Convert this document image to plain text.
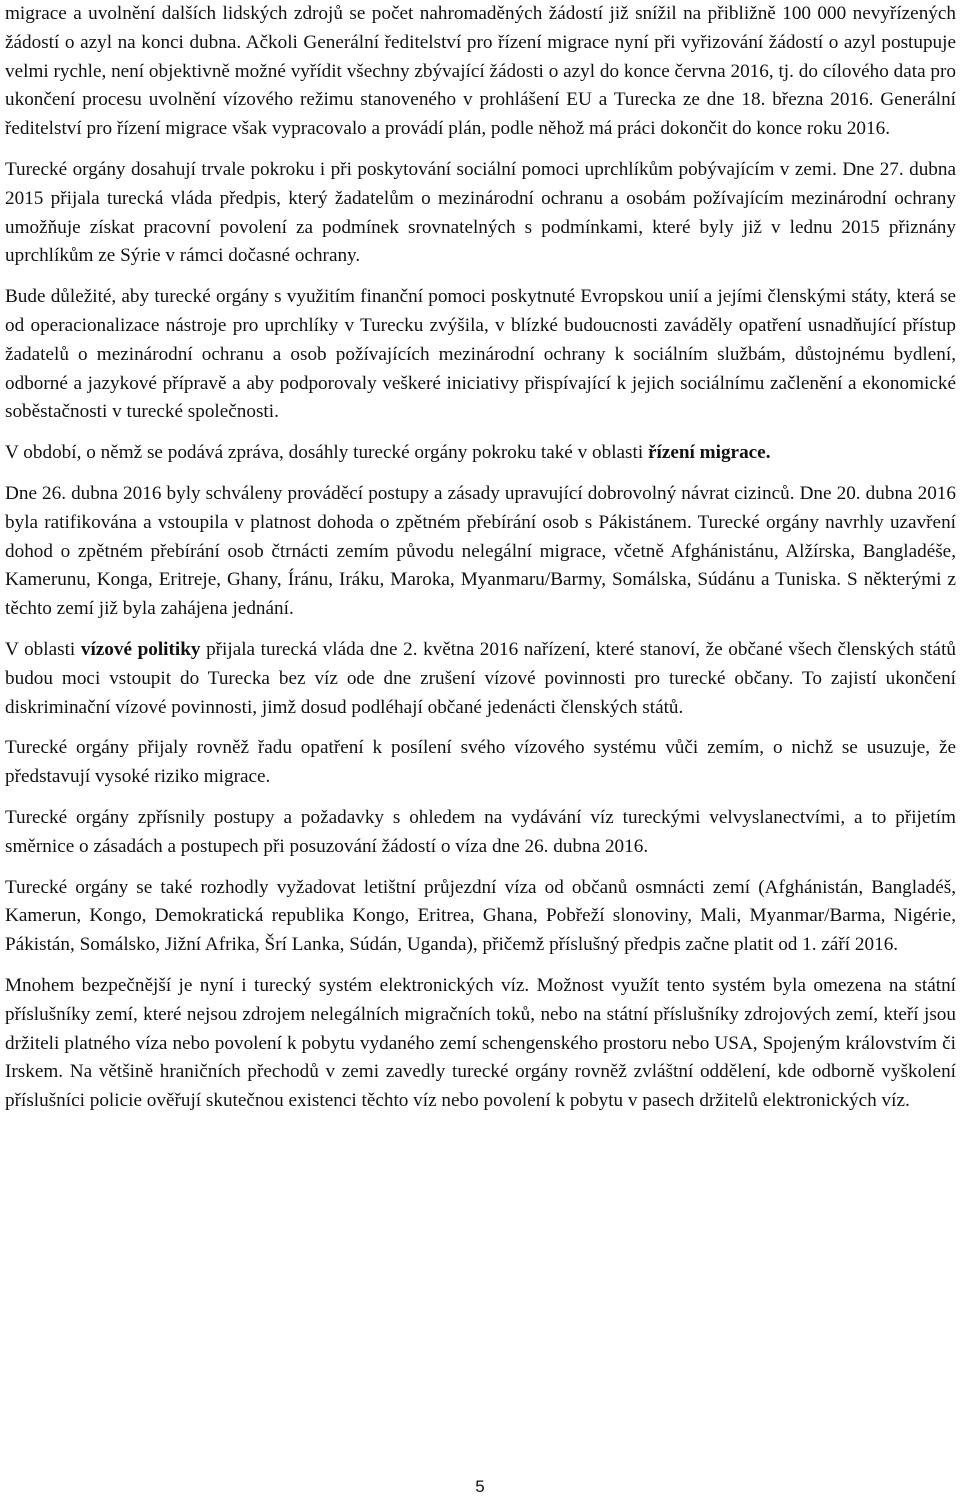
migrace a uvolnění dalších lidských zdrojů se počet nahromaděných žádostí již snížil na přibližně 100 000 nevyřízených žádostí o azyl na konci dubna. Ačkoli Generální ředitelství pro řízení migrace nyní při vyřizování žádostí o azyl postupuje velmi rychle, není objektivně možné vyřídit všechny zbývající žádosti o azyl do konce června 2016, tj. do cílového data pro ukončení procesu uvolnění vízového režimu stanoveného v prohlášení EU a Turecka ze dne 18. března 2016. Generální ředitelství pro řízení migrace však vypracovalo a provádí plán, podle něhož má práci dokončit do konce roku 2016.

Turecké orgány dosahují trvale pokroku i při poskytování sociální pomoci uprchlíkům pobývajícím v zemi. Dne 27. dubna 2015 přijala turecká vláda předpis, který žadatelům o mezinárodní ochranu a osobám požívajícím mezinárodní ochrany umožňuje získat pracovní povolení za podmínek srovnatelných s podmínkami, které byly již v lednu 2015 přiznány uprchlíkům ze Sýrie v rámci dočasné ochrany.

Bude důležité, aby turecké orgány s využitím finanční pomoci poskytnuté Evropskou unií a jejími členskými státy, která se od operacionalizace nástroje pro uprchlíky v Turecku zvýšila, v blízké budoucnosti zaváděly opatření usnadňující přístup žadatelů o mezinárodní ochranu a osob požívajících mezinárodní ochrany k sociálním službám, důstojnému bydlení, odborné a jazykové přípravě a aby podporovaly veškeré iniciativy přispívající k jejich sociálnímu začlenění a ekonomické soběstačnosti v turecké společnosti.

V období, o němž se podává zpráva, dosáhly turecké orgány pokroku také v oblasti řízení migrace.

Dne 26. dubna 2016 byly schváleny prováděcí postupy a zásady upravující dobrovolný návrat cizinců. Dne 20. dubna 2016 byla ratifikována a vstoupila v platnost dohoda o zpětném přebírání osob s Pákistánem. Turecké orgány navrhly uzavření dohod o zpětném přebírání osob čtrnácti zemím původu nelegální migrace, včetně Afghánistánu, Alžírska, Bangladéše, Kamerunu, Konga, Eritreje, Ghany, Íránu, Iráku, Maroka, Myanmaru/Barmy, Somálska, Súdánu a Tuniska. S některými z těchto zemí již byla zahájena jednání.

V oblasti vízové politiky přijala turecká vláda dne 2. května 2016 nařízení, které stanoví, že občané všech členských států budou moci vstoupit do Turecka bez víz ode dne zrušení vízové povinnosti pro turecké občany. To zajistí ukončení diskriminační vízové povinnosti, jimž dosud podléhají občané jedenácti členských států.

Turecké orgány přijaly rovněž řadu opatření k posílení svého vízového systému vůči zemím, o nichž se usuzuje, že představují vysoké riziko migrace.

Turecké orgány zpřísnily postupy a požadavky s ohledem na vydávání víz tureckými velvyslanectvími, a to přijetím směrnice o zásadách a postupech při posuzování žádostí o víza dne 26. dubna 2016.

Turecké orgány se také rozhodly vyžadovat letištní průjezdní víza od občanů osmnácti zemí (Afghánistán, Bangladéš, Kamerun, Kongo, Demokratická republika Kongo, Eritrea, Ghana, Pobřeží slonoviny, Mali, Myanmar/Barma, Nigérie, Pákistán, Somálsko, Jižní Afrika, Šrí Lanka, Súdán, Uganda), přičemž příslušný předpis začne platit od 1. září 2016.

Mnohem bezpečnější je nyní i turecký systém elektronických víz. Možnost využít tento systém byla omezena na státní příslušníky zemí, které nejsou zdrojem nelegálních migračních toků, nebo na státní příslušníky zdrojových zemí, kteří jsou držiteli platného víza nebo povolení k pobytu vydaného zemí schengenského prostoru nebo USA, Spojeným královstvím či Irskem. Na většině hraničních přechodů v zemi zavedly turecké orgány rovněž zvláštní oddělení, kde odborně vyškolení příslušníci policie ověřují skutečnou existenci těchto víz nebo povolení k pobytu v pasech držitelů elektronických víz.

5
